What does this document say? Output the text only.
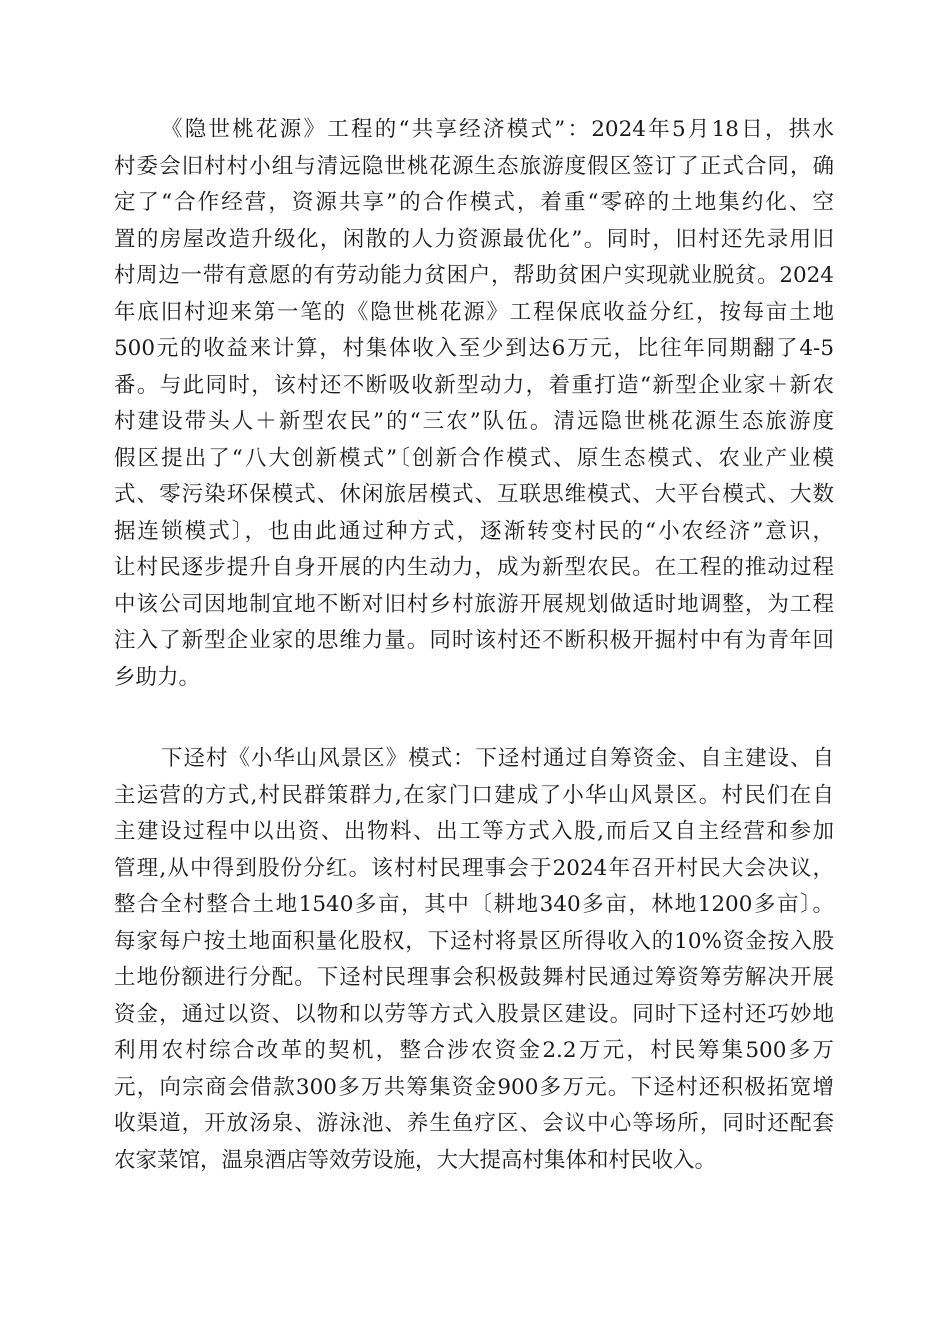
《隐世桃花源》工程的“共享经济模式”：2024年5月18日，拱水
村委会旧村村小组与清远隐世桃花源生态旅游度假区签订了正式合同，确
定了“合作经营，资源共享”的合作模式，着重“零碎的土地集约化、空
置的房屋改造升级化，闲散的人力资源最优化”。同时，旧村还先录用旧
村周边一带有意愿的有劳动能力贫困户，帮助贫困户实现就业脱贫。2024
年底旧村迎来第一笔的《隐世桃花源》工程保底收益分红，按每亩土地
500元的收益来计算，村集体收入至少到达6万元，比往年同期翻了4-5
番。与此同时，该村还不断吸收新型动力，着重打造“新型企业家＋新农
村建设带头人＋新型农民”的“三农”队伍。清远隐世桃花源生态旅游度
假区提出了“八大创新模式”〔创新合作模式、原生态模式、农业产业模
式、零污染环保模式、休闲旅居模式、互联思维模式、大平台模式、大数
据连锁模式〕，也由此通过种方式，逐渐转变村民的“小农经济”意识，
让村民逐步提升自身开展的内生动力，成为新型农民。在工程的推动过程
中该公司因地制宜地不断对旧村乡村旅游开展规划做适时地调整，为工程
注入了新型企业家的思维力量。同时该村还不断积极开掘村中有为青年回
乡助力。
下迳村《小华山风景区》模式：下迳村通过自筹资金、自主建设、自
主运营的方式,村民群策群力,在家门口建成了小华山风景区。村民们在自
主建设过程中以出资、出物料、出工等方式入股,而后又自主经营和参加
管理,从中得到股份分红。该村村民理事会于2024年召开村民大会决议，
整合全村整合土地1540多亩，其中〔耕地340多亩，林地1200多亩〕。
每家每户按土地面积量化股权，下迳村将景区所得收入的10%资金按入股
土地份额进行分配。下迳村民理事会积极鼓舞村民通过筹资筹劳解决开展
资金，通过以资、以物和以劳等方式入股景区建设。同时下迳村还巧妙地
利用农村综合改革的契机，整合涉农资金2.2万元，村民筹集500多万
元，向宗商会借款300多万共筹集资金900多万元。下迳村还积极拓宽增
收渠道，开放汤泉、游泳池、养生鱼疗区、会议中心等场所，同时还配套
农家菜馆，温泉酒店等效劳设施，大大提高村集体和村民收入。
